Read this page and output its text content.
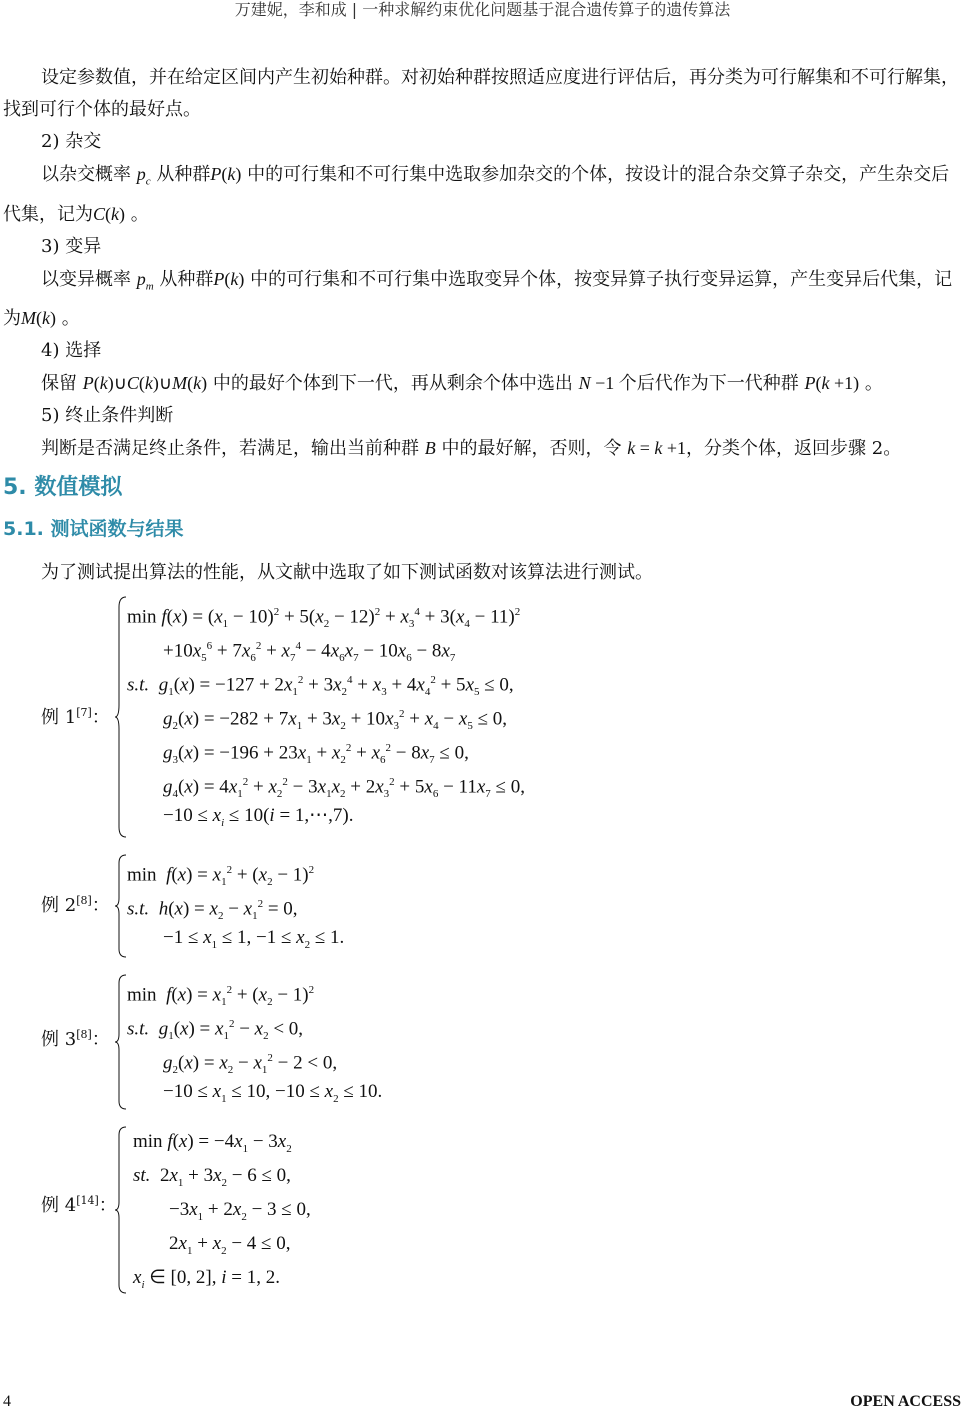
万建妮，李和成 | 一种求解约束优化问题基于混合遗传算子的遗传算法

设定参数值，并在给定区间内产生初始种群。对初始种群按照适应度进行评估后，再分类为可行解集和不可行解集，找到可行个体的最好点。

2) 杂交

以杂交概率 $p_c$ 从种群P(k) 中的可行集和不可行集中选取参加杂交的个体，按设计的混合杂交算子杂交，产生杂交后代集，记为C(k) 。

3) 变异

以变异概率 $p_m$ 从种群P(k) 中的可行集和不可行集中选取变异个体，按变异算子执行变异运算，产生变异后代集，记为M(k) 。

4) 选择

保留 P(k)∪C(k)∪M(k) 中的最好个体到下一代，再从剩余个体中选出 N −1 个后代作为下一代种群 P(k +1) 。

5) 终止条件判断

判断是否满足终止条件，若满足，输出当前种群 B 中的最好解，否则，令 k = k +1，分类个体，返回步骤 2。

5. 数值模拟
5.1. 测试函数与结果

为了测试提出算法的性能，从文献中选取了如下测试函数对该算法进行测试。

例 1[7]：
$\min f(x) = (x_1 - 10)^2 + 5(x_2 - 12)^2 + x_3^4 + 3(x_4 - 11)^2$
$+10x_5^6 + 7x_6^2 + x_7^4 - 4x_6x_7 - 10x_6 - 8x_7$
s.t. $g_1(x) = -127 + 2x_1^2 + 3x_2^4 + x_3 + 4x_4^2 + 5x_5 \le 0$,
$g_2(x) = -282 + 7x_1 + 3x_2 + 10x_3^2 + x_4 - x_5 \le 0$,
$g_3(x) = -196 + 23x_1 + x_2^2 + x_6^2 - 8x_7 \le 0$,
$g_4(x) = 4x_1^2 + x_2^2 - 3x_1x_2 + 2x_3^2 + 5x_6 - 11x_7 \le 0$,
$-10 \le x_i \le 10(i$ = 1,⋯,7).
例 2[8]：
$\min f(x) = x_1^2 + (x_2 - 1)^2$
s.t. $h(x) = x_2 - x_1^2 = 0$,
$-1 \le x_1 \le 1$, $-1 \le x_2 \le 1$.
例 3[8]：
$\min f(x) = x_1^2 + (x_2 - 1)^2$
s.t. $g_1(x) = x_1^2 - x_2 < 0$,
$g_2(x) = x_2 - x_1^2 - 2 < 0$,
$-10 \le x_1 \le 10$, $-10 \le x_2 \le 10$.
例 4[14]：
$\min f(x) = -4x_1 - 3x_2$
st.  $2x_1 + 3x_2 - 6 \le 0$,
$-3x_1 + 2x_2 - 3 \le 0$,
$2x_1 + x_2 - 4 \le 0$,
$x_i$ ∈ [0, 2], i = 1, 2.
4	OPEN ACCESS
